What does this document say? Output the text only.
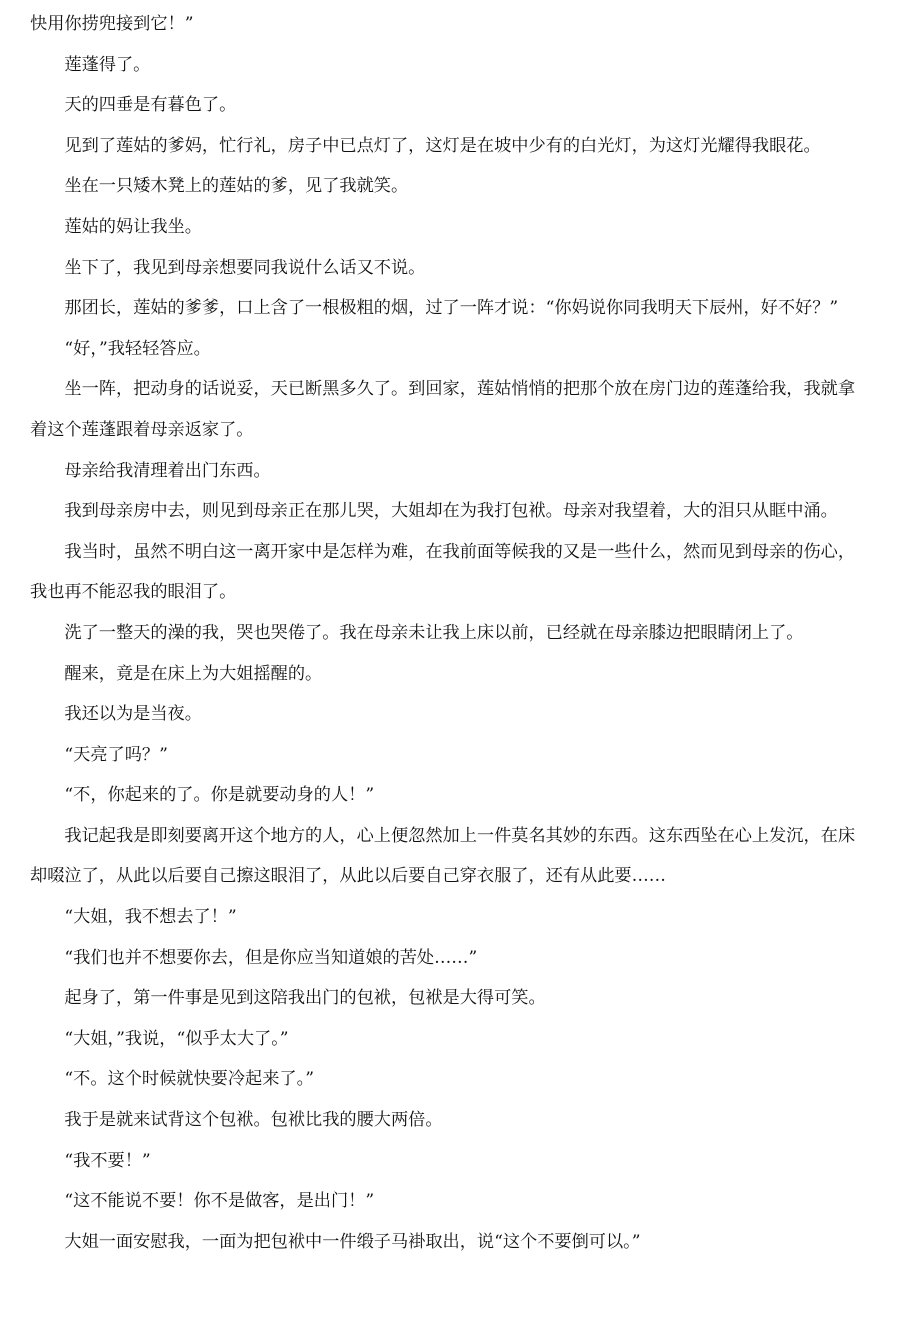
快用你捞兜接到它！”

莲蓬得了。

天的四垂是有暮色了。

见到了莲姑的爹妈，忙行礼，房子中已点灯了，这灯是在坡中少有的白光灯，为这灯光耀得我眼花。

坐在一只矮木凳上的莲姑的爹，见了我就笑。

莲姑的妈让我坐。

坐下了，我见到母亲想要同我说什么话又不说。

那团长，莲姑的爹爹，口上含了一根极粗的烟，过了一阵才说：“你妈说你同我明天下辰州，好不好？”

“好，”我轻轻答应。

坐一阵，把动身的话说妥，天已断黑多久了。到回家，莲姑悄悄的把那个放在房门边的莲蓬给我，我就拿着这个莲蓬跟着母亲返家了。

母亲给我清理着出门东西。

我到母亲房中去，则见到母亲正在那儿哭，大姐却在为我打包袱。母亲对我望着，大的泪只从眶中涌。

我当时，虽然不明白这一离开家中是怎样为难，在我前面等候我的又是一些什么，然而见到母亲的伤心，我也再不能忍我的眼泪了。

洗了一整天的澡的我，哭也哭倦了。我在母亲未让我上床以前，已经就在母亲膝边把眼睛闭上了。

醒来，竟是在床上为大姐摇醒的。

我还以为是当夜。

“天亮了吗？”

“不，你起来的了。你是就要动身的人！”

我记起我是即刻要离开这个地方的人，心上便忽然加上一件莫名其妙的东西。这东西坠在心上发沉，在床却啜泣了，从此以后要自己擦这眼泪了，从此以后要自己穿衣服了，还有从此要……

“大姐，我不想去了！”

“我们也并不想要你去，但是你应当知道娘的苦处……”

起身了，第一件事是见到这陪我出门的包袱，包袱是大得可笑。

“大姐，”我说，“似乎太大了。”

“不。这个时候就快要冷起来了。”

我于是就来试背这个包袱。包袱比我的腰大两倍。

“我不要！”

“这不能说不要！你不是做客，是出门！”

大姐一面安慰我，一面为把包袱中一件缎子马褂取出，说“这个不要倒可以。”
